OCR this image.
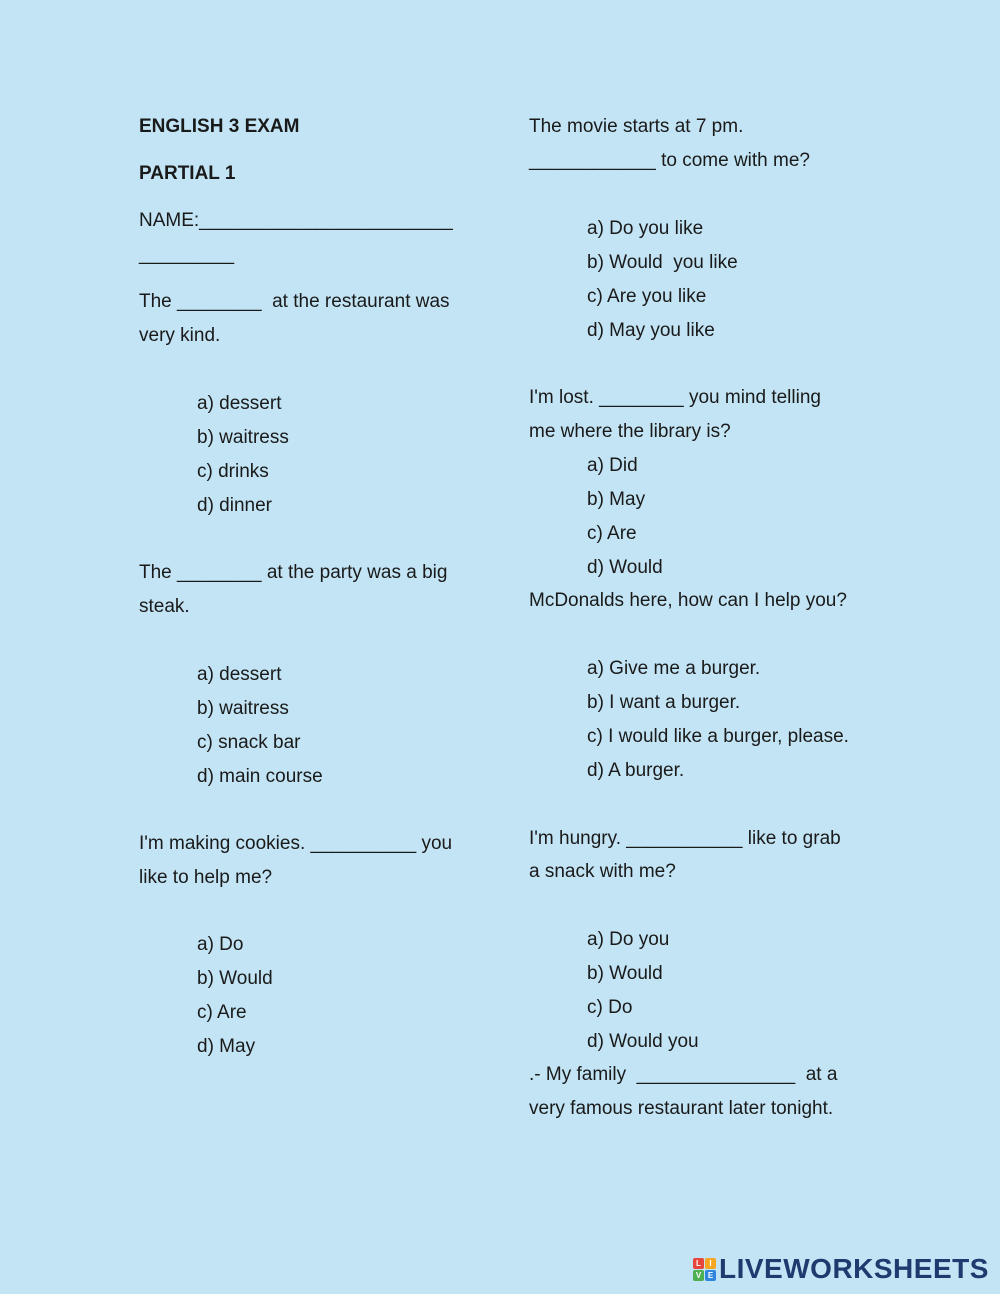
ENGLISH 3 EXAM
PARTIAL 1
NAME:________________________
_________
The ________  at the restaurant was
very kind.
a) dessert
b) waitress
c) drinks
d) dinner
The ________ at the party was a big
steak.
a) dessert
b) waitress
c) snack bar
d) main course
I'm making cookies. __________ you
like to help me?
a) Do
b) Would
c) Are
d) May
The movie starts at 7 pm.
____________ to come with me?
a) Do you like
b) Would  you like
c) Are you like
d) May you like
I'm lost. ________ you mind telling
me where the library is?
a) Did
b) May
c) Are
d) Would
McDonalds here, how can I help you?
a) Give me a burger.
b) I want a burger.
c) I would like a burger, please.
d) A burger.
I'm hungry. ___________ like to grab
a snack with me?
a) Do you
b) Would
c) Do
d) Would you
.- My family  _______________  at a
very famous restaurant later tonight.
L	I
V E LIVEWORKSHEETS
